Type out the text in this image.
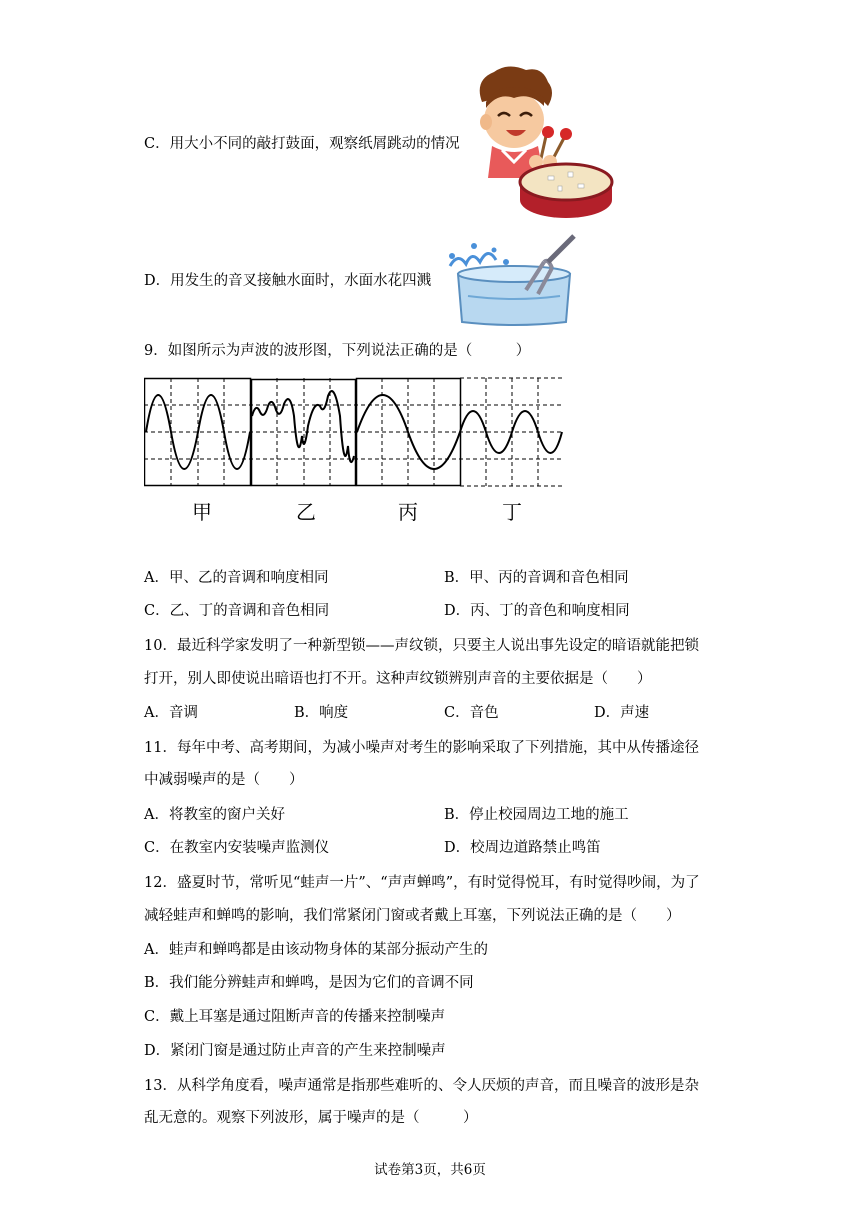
C．用大小不同的敲打鼓面，观察纸屑跳动的情况
D．用发生的音叉接触水面时，水面水花四溅
9．如图所示为声波的波形图，下列说法正确的是（　　　）
甲	乙	丙	丁
A．甲、乙的音调和响度相同	B．甲、丙的音调和音色相同
C．乙、丁的音调和音色相同	D．丙、丁的音色和响度相同
10．最近科学家发明了一种新型锁——声纹锁，只要主人说出事先设定的暗语就能把锁
打开，别人即使说出暗语也打不开。这种声纹锁辨别声音的主要依据是（　　）
A．音调	B．响度	C．音色	D．声速
11．每年中考、高考期间，为减小噪声对考生的影响采取了下列措施，其中从传播途径
中减弱噪声的是（　　）
A．将教室的窗户关好	B．停止校园周边工地的施工
C．在教室内安装噪声监测仪	D．校周边道路禁止鸣笛
12．盛夏时节，常听见“蛙声一片”、“声声蝉鸣”，有时觉得悦耳，有时觉得吵闹，为了
减轻蛙声和蝉鸣的影响，我们常紧闭门窗或者戴上耳塞，下列说法正确的是（　　）
A．蛙声和蝉鸣都是由该动物身体的某部分振动产生的
B．我们能分辨蛙声和蝉鸣，是因为它们的音调不同
C．戴上耳塞是通过阻断声音的传播来控制噪声
D．紧闭门窗是通过防止声音的产生来控制噪声
13．从科学角度看，噪声通常是指那些难听的、令人厌烦的声音，而且噪音的波形是杂
乱无意的。观察下列波形，属于噪声的是（　　　）
试卷第3页，共6页
